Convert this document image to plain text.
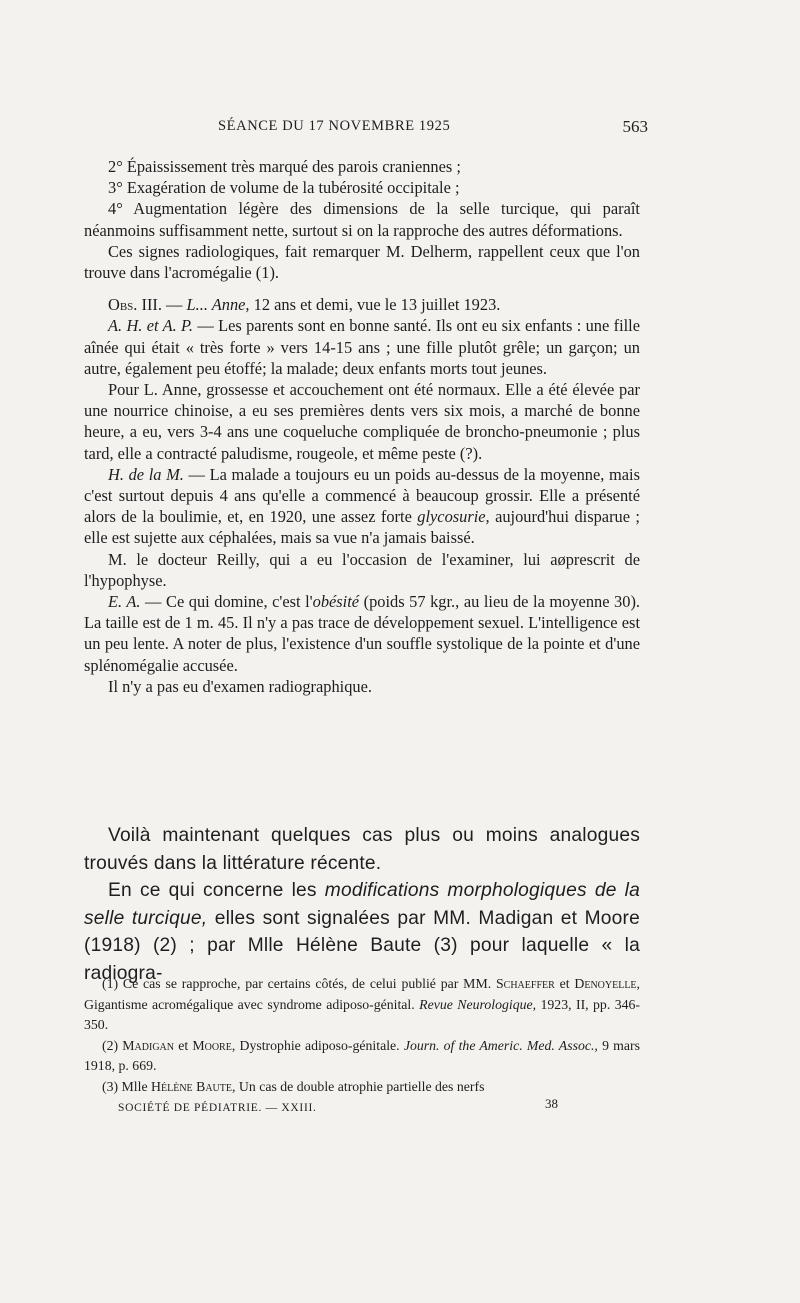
SÉANCE DU 17 NOVEMBRE 1925	563

2° Épaississement très marqué des parois craniennes ;

3° Exagération de volume de la tubérosité occipitale ;

4° Augmentation légère des dimensions de la selle turcique, qui paraît néanmoins suffisamment nette, surtout si on la rapproche des autres déformations.

Ces signes radiologiques, fait remarquer M. Delherm, rappellent ceux que l'on trouve dans l'acromégalie (1).

Obs. III. — L... Anne, 12 ans et demi, vue le 13 juillet 1923.

A. H. et A. P. — Les parents sont en bonne santé. Ils ont eu six enfants : une fille aînée qui était « très forte » vers 14-15 ans ; une fille plutôt grêle; un garçon; un autre, également peu étoffé; la malade; deux enfants morts tout jeunes.

Pour L. Anne, grossesse et accouchement ont été normaux. Elle a été élevée par une nourrice chinoise, a eu ses premières dents vers six mois, a marché de bonne heure, a eu, vers 3-4 ans une coqueluche compliquée de broncho-pneumonie ; plus tard, elle a contracté paludisme, rougeole, et même peste (?).

H. de la M. — La malade a toujours eu un poids au-dessus de la moyenne, mais c'est surtout depuis 4 ans qu'elle a commencé à beaucoup grossir. Elle a présenté alors de la boulimie, et, en 1920, une assez forte glycosurie, aujourd'hui disparue ; elle est sujette aux céphalées, mais sa vue n'a jamais baissé.

M. le docteur Reilly, qui a eu l'occasion de l'examiner, lui aøprescrit de l'hypophyse.

E. A. — Ce qui domine, c'est l'obésité (poids 57 kgr., au lieu de la moyenne 30). La taille est de 1 m. 45. Il n'y a pas trace de développement sexuel. L'intelligence est un peu lente. A noter de plus, l'existence d'un souffle systolique de la pointe et d'une splénomégalie accusée.

Il n'y a pas eu d'examen radiographique.

Voilà maintenant quelques cas plus ou moins analogues trouvés dans la littérature récente.

En ce qui concerne les modifications morphologiques de la selle turcique, elles sont signalées par MM. Madigan et Moore (1918) (2) ; par Mlle Hélène Baute (3) pour laquelle « la radiogra-

(1) Ce cas se rapproche, par certains côtés, de celui publié par MM. Schaeffer et Denoyelle, Gigantisme acromégalique avec syndrome adiposo-génital. Revue Neurologique, 1923, II, pp. 346-350.

(2) Madigan et Moore, Dystrophie adiposo-génitale. Journ. of the Americ. Med. Assoc., 9 mars 1918, p. 669.

(3) Mlle Hélène Baute, Un cas de double atrophie partielle des nerfs

SOCIÉTÉ DE PÉDIATRIE. — XXIII.	38
